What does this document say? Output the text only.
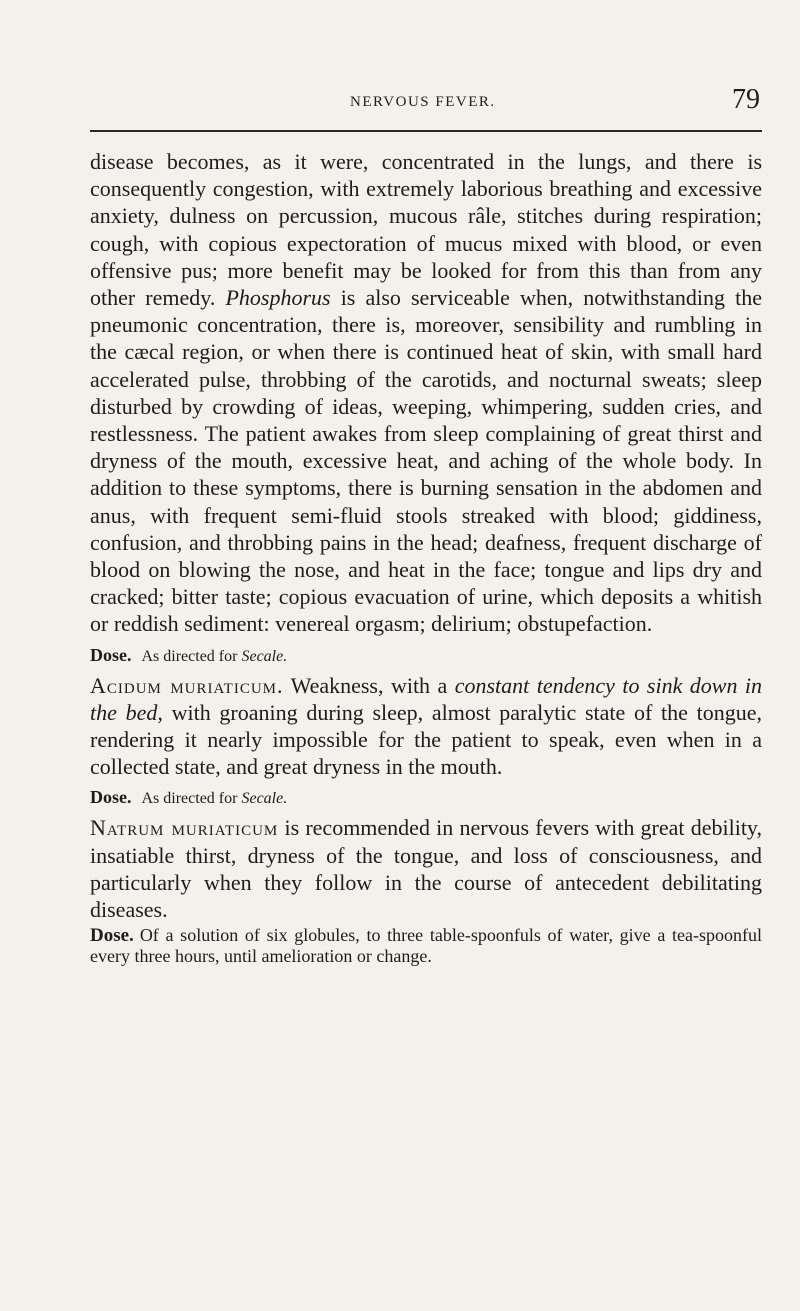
NERVOUS FEVER.	79

disease becomes, as it were, concentrated in the lungs, and there is consequently congestion, with extremely laborious breathing and excessive anxiety, dulness on percussion, mucous râle, stitches during respiration; cough, with copious expectoration of mucus mixed with blood, or even offensive pus; more benefit may be looked for from this than from any other remedy. Phosphorus is also serviceable when, notwithstanding the pneumonic concentration, there is, moreover, sensibility and rumbling in the cæcal region, or when there is continued heat of skin, with small hard accelerated pulse, throbbing of the carotids, and nocturnal sweats; sleep disturbed by crowding of ideas, weeping, whimpering, sudden cries, and restlessness. The patient awakes from sleep complaining of great thirst and dryness of the mouth, excessive heat, and aching of the whole body. In addition to these symptoms, there is burning sensation in the abdomen and anus, with frequent semi-fluid stools streaked with blood; giddiness, confusion, and throbbing pains in the head; deafness, frequent discharge of blood on blowing the nose, and heat in the face; tongue and lips dry and cracked; bitter taste; copious evacuation of urine, which deposits a whitish or reddish sediment: venereal orgasm; delirium; obstupefaction.

Dose. As directed for Secale.

Acidum muriaticum. Weakness, with a constant tendency to sink down in the bed, with groaning during sleep, almost paralytic state of the tongue, rendering it nearly impossible for the patient to speak, even when in a collected state, and great dryness in the mouth.

Dose. As directed for Secale.

Natrum muriaticum is recommended in nervous fevers with great debility, insatiable thirst, dryness of the tongue, and loss of consciousness, and particularly when they follow in the course of antecedent debilitating diseases.

Dose. Of a solution of six globules, to three table-spoonfuls of water, give a tea-spoonful every three hours, until amelioration or change.
